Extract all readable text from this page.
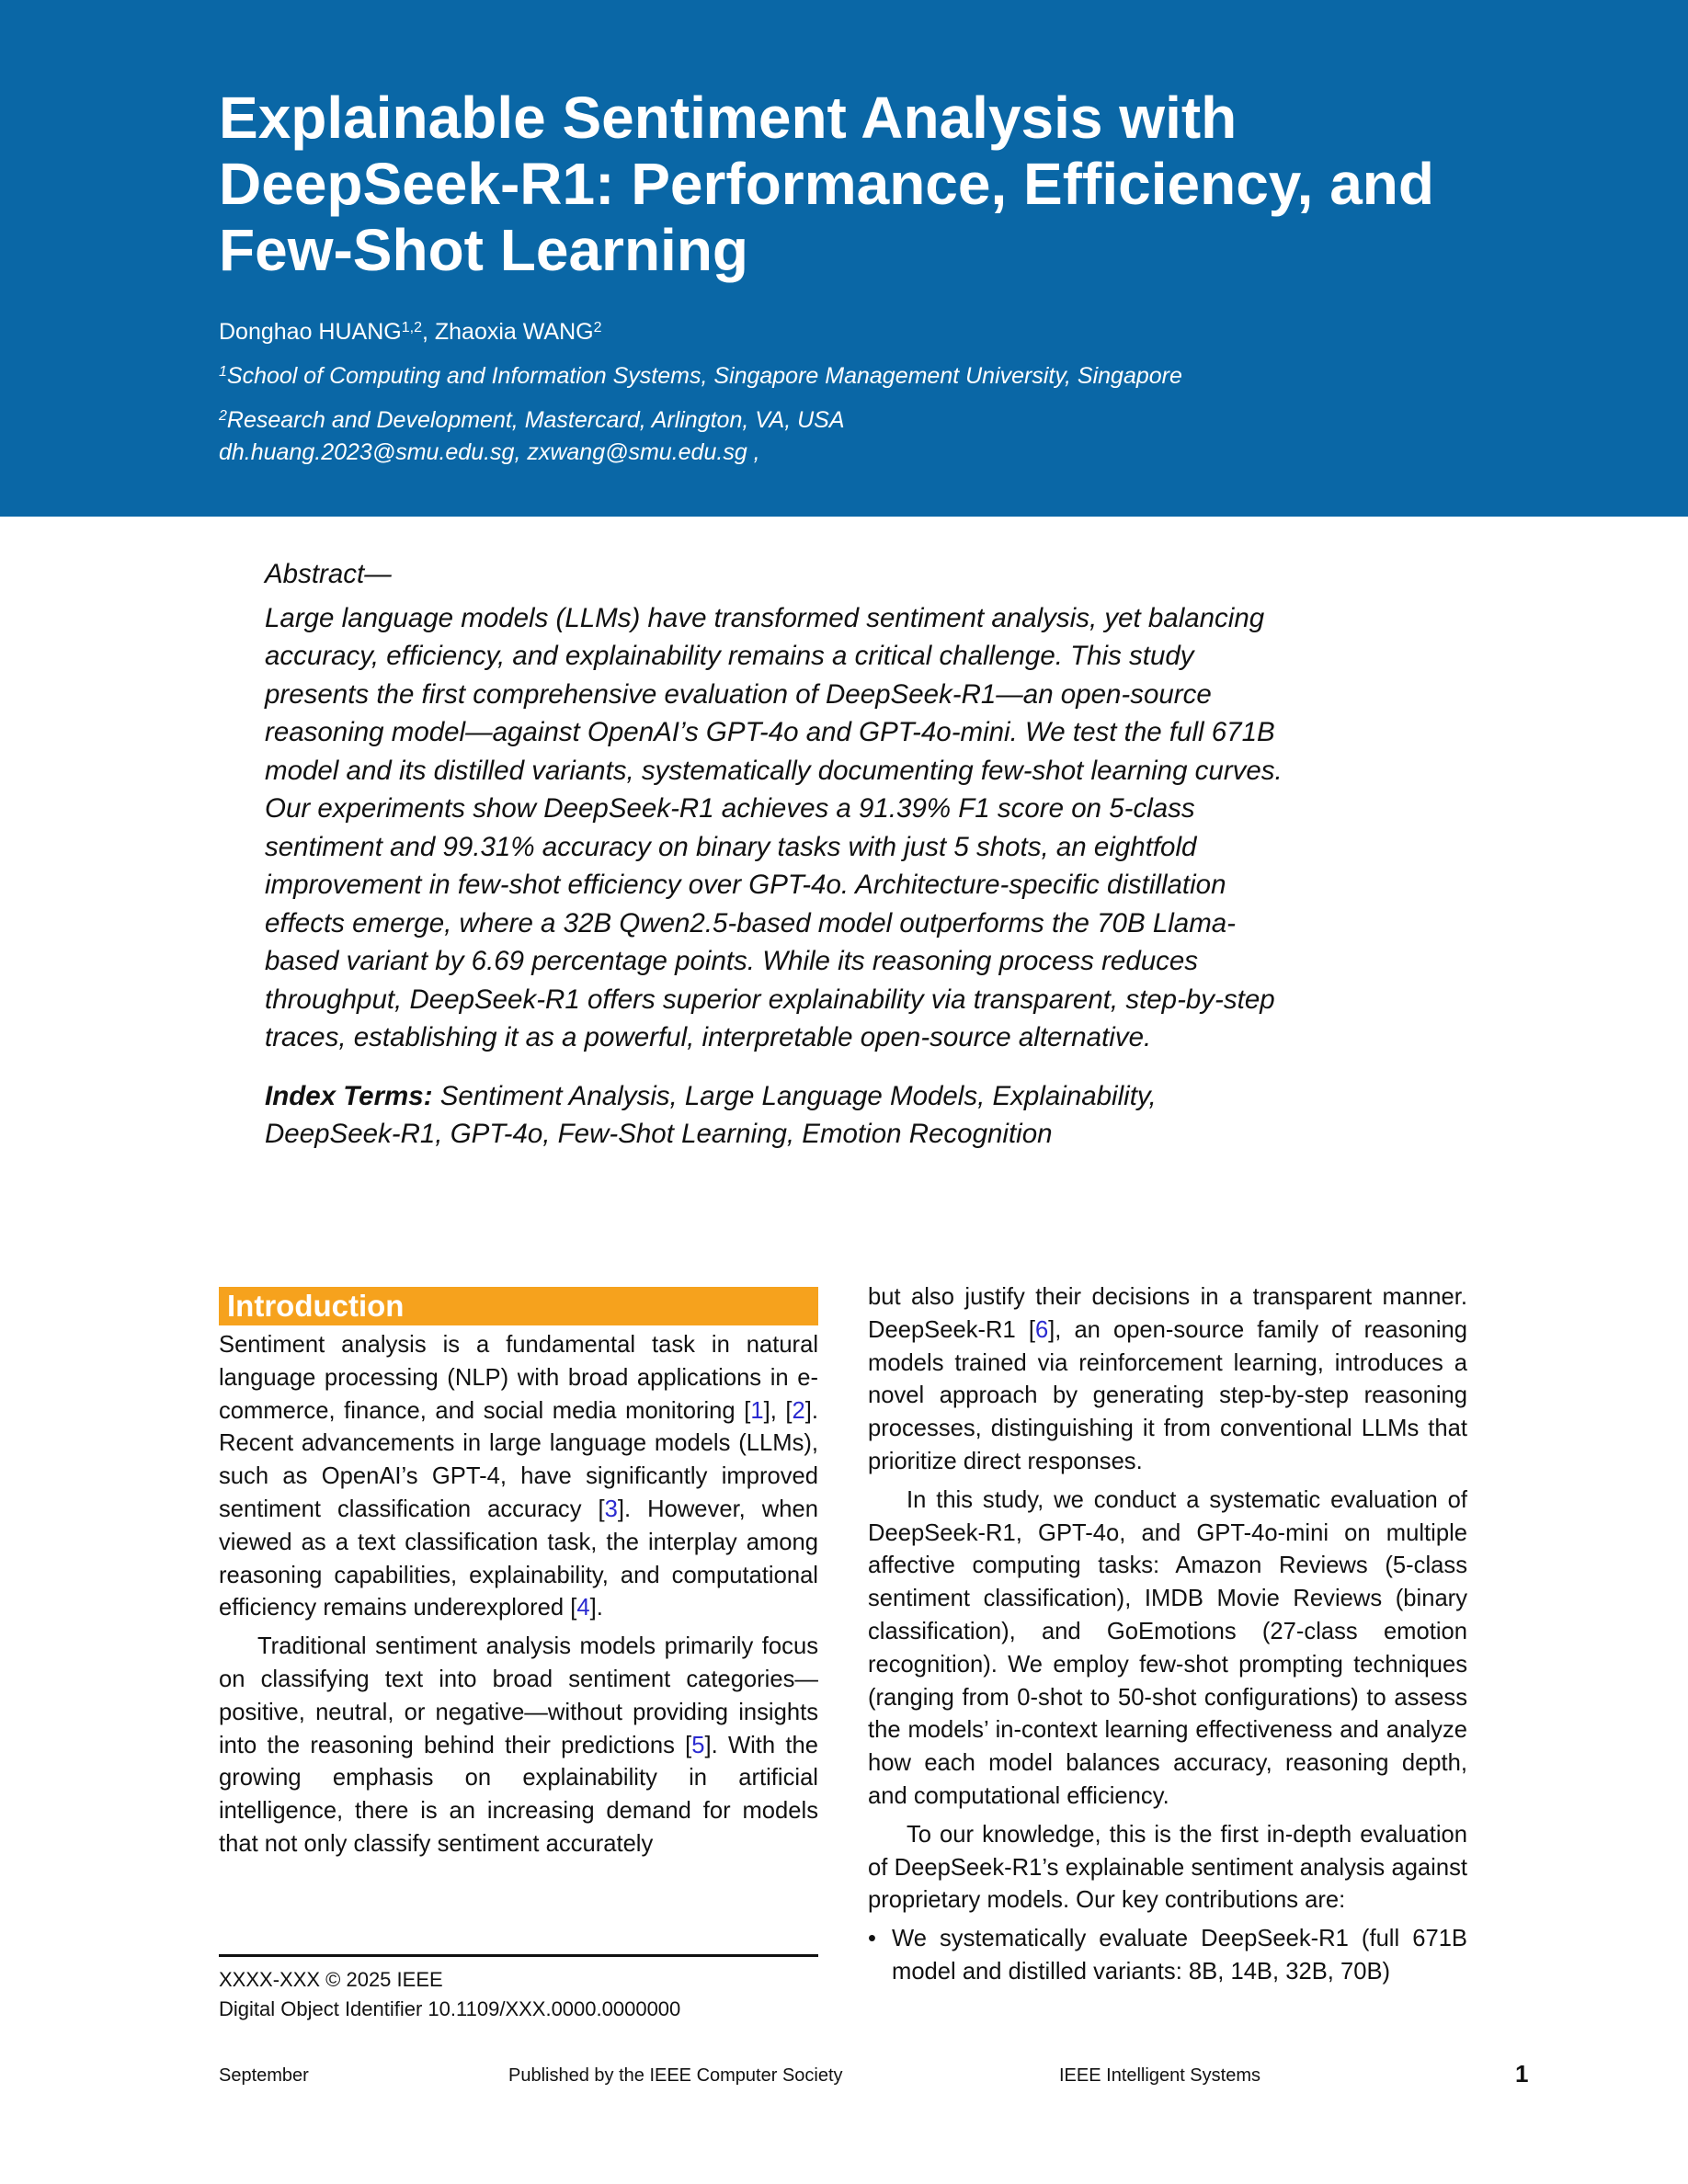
Explainable Sentiment Analysis with DeepSeek-R1: Performance, Efficiency, and Few-Shot Learning
Donghao HUANG$^{1,2}$, Zhaoxia WANG$^2$
$^1$School of Computing and Information Systems, Singapore Management University, Singapore
$^2$Research and Development, Mastercard, Arlington, VA, USA
dh.huang.2023@smu.edu.sg, zxwang@smu.edu.sg ,
Abstract—
Large language models (LLMs) have transformed sentiment analysis, yet balancing accuracy, efficiency, and explainability remains a critical challenge. This study presents the first comprehensive evaluation of DeepSeek-R1—an open-source reasoning model—against OpenAI’s GPT-4o and GPT-4o-mini. We test the full 671B model and its distilled variants, systematically documenting few-shot learning curves. Our experiments show DeepSeek-R1 achieves a 91.39% F1 score on 5-class sentiment and 99.31% accuracy on binary tasks with just 5 shots, an eightfold improvement in few-shot efficiency over GPT-4o. Architecture-specific distillation effects emerge, where a 32B Qwen2.5-based model outperforms the 70B Llama-based variant by 6.69 percentage points. While its reasoning process reduces throughput, DeepSeek-R1 offers superior explainability via transparent, step-by-step traces, establishing it as a powerful, interpretable open-source alternative.
Index Terms: Sentiment Analysis, Large Language Models, Explainability, DeepSeek-R1, GPT-4o, Few-Shot Learning, Emotion Recognition
Introduction

Sentiment analysis is a fundamental task in natural language processing (NLP) with broad applications in e-commerce, finance, and social media monitoring [1], [2]. Recent advancements in large language models (LLMs), such as OpenAI’s GPT-4, have significantly improved sentiment classification accuracy [3]. However, when viewed as a text classification task, the interplay among reasoning capabilities, explainability, and computational efficiency remains underexplored [4].

Traditional sentiment analysis models primarily focus on classifying text into broad sentiment categories—positive, neutral, or negative—without providing insights into the reasoning behind their predictions [5]. With the growing emphasis on explainability in artificial intelligence, there is an increasing demand for models that not only classify sentiment accurately

but also justify their decisions in a transparent manner. DeepSeek-R1 [6], an open-source family of reasoning models trained via reinforcement learning, introduces a novel approach by generating step-by-step reasoning processes, distinguishing it from conventional LLMs that prioritize direct responses.

In this study, we conduct a systematic evaluation of DeepSeek-R1, GPT-4o, and GPT-4o-mini on multiple affective computing tasks: Amazon Reviews (5-class sentiment classification), IMDB Movie Reviews (binary classification), and GoEmotions (27-class emotion recognition). We employ few-shot prompting techniques (ranging from 0-shot to 50-shot configurations) to assess the models’ in-context learning effectiveness and analyze how each model balances accuracy, reasoning depth, and computational efficiency.

To our knowledge, this is the first in-depth evaluation of DeepSeek-R1’s explainable sentiment analysis against proprietary models. Our key contributions are:

• We systematically evaluate DeepSeek-R1 (full 671B model and distilled variants: 8B, 14B, 32B, 70B)
XXXX-XXX © 2025 IEEE
Digital Object Identifier 10.1109/XXX.0000.0000000
September	Published by the IEEE Computer Society	IEEE Intelligent Systems	1
